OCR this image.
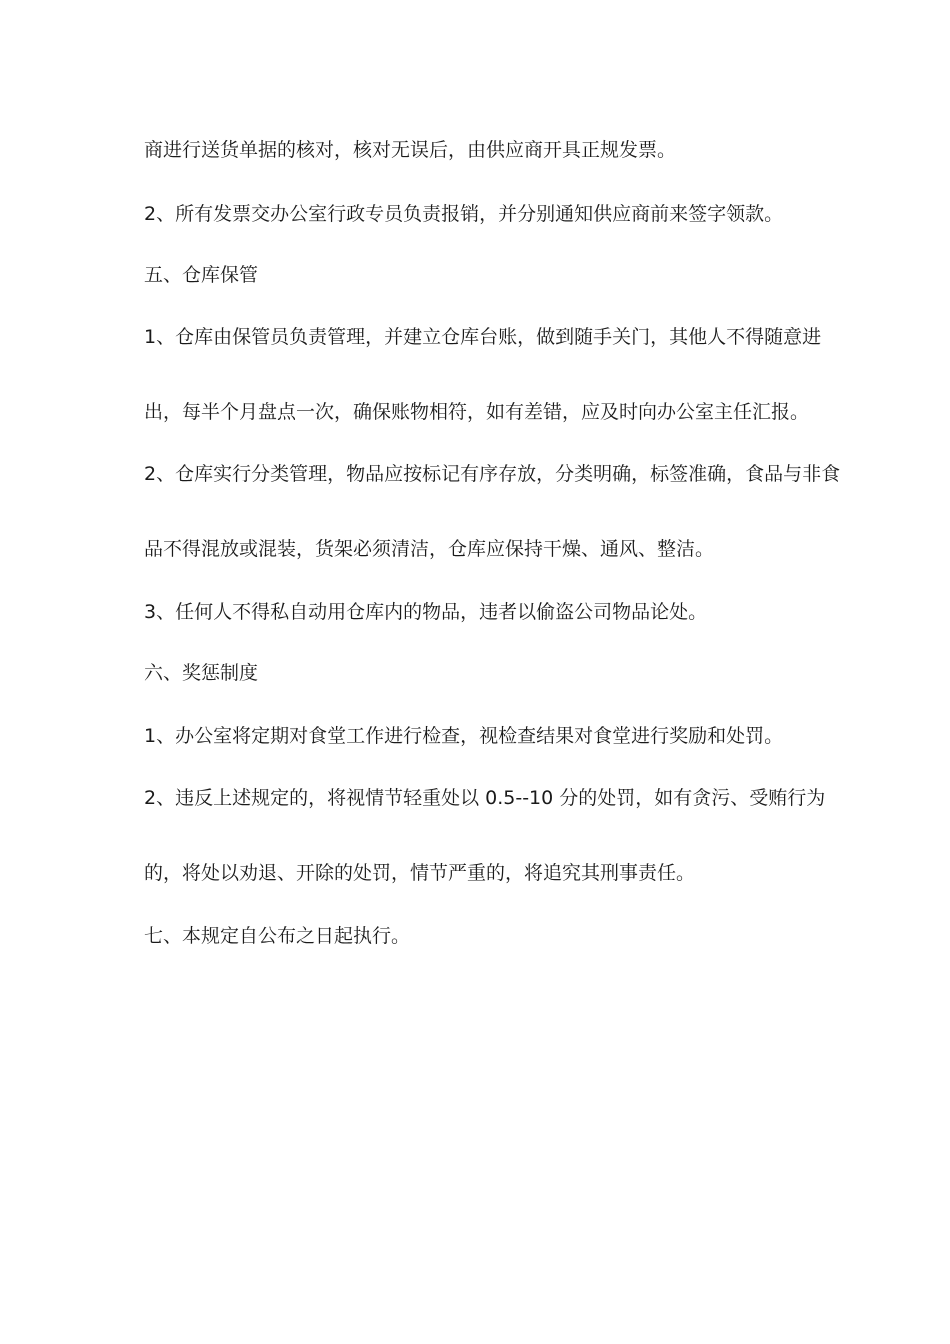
商进行送货单据的核对，核对无误后，由供应商开具正规发票。
2、所有发票交办公室行政专员负责报销，并分别通知供应商前来签字领款。
五、仓库保管
1、仓库由保管员负责管理，并建立仓库台账，做到随手关门，其他人不得随意进
出，每半个月盘点一次，确保账物相符，如有差错，应及时向办公室主任汇报。
2、仓库实行分类管理，物品应按标记有序存放，分类明确，标签准确，食品与非食
品不得混放或混装，货架必须清洁，仓库应保持干燥、通风、整洁。
3、任何人不得私自动用仓库内的物品，违者以偷盗公司物品论处。
六、奖惩制度
1、办公室将定期对食堂工作进行检查，视检查结果对食堂进行奖励和处罚。
2、违反上述规定的，将视情节轻重处以 0.5--10 分的处罚，如有贪污、受贿行为
的，将处以劝退、开除的处罚，情节严重的，将追究其刑事责任。
七、本规定自公布之日起执行。
